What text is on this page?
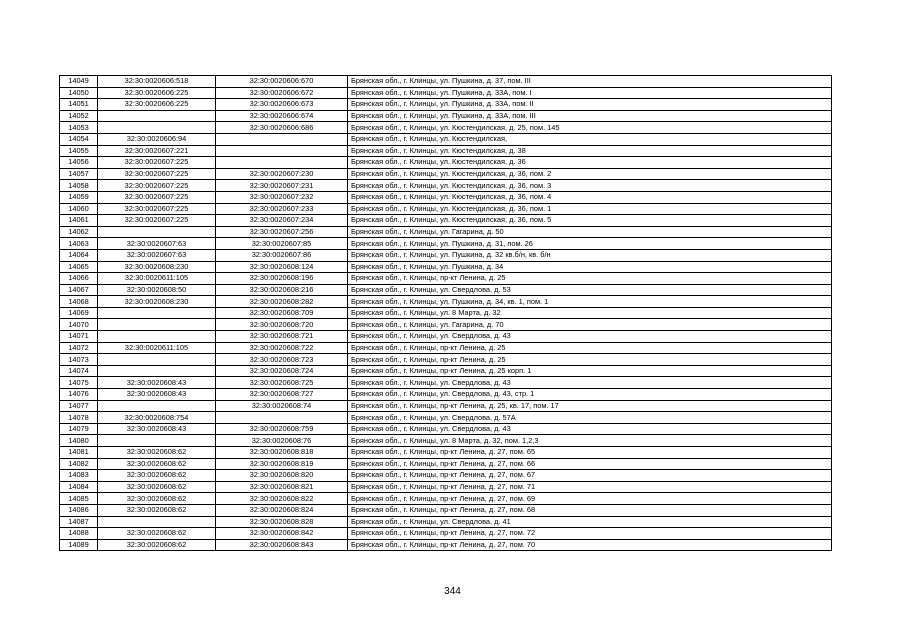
14049	32:30:0020606:518	32:30:0020606:670	Брянская обл., г. Клинцы, ул. Пушкина, д. 37, пом. III
14050	32:30:0020606:225	32:30:0020606:672	Брянская обл., г. Клинцы, ул. Пушкина, д. 33А, пом. I
14051	32:30:0020606:225	32:30:0020606:673	Брянская обл., г. Клинцы, ул. Пушкина, д. 33А, пом. II
14052		32:30:0020606:674	Брянская обл., г. Клинцы, ул. Пушкина, д. 33А, пом. III
14053		32:30:0020606:686	Брянская обл., г. Клинцы, ул. Кюстендилская, д. 25, пом. 145
14054	32:30:0020606:94		Брянская обл., г. Клинцы, ул. Кюстендилская,
14055	32:30:0020607:221		Брянская обл., г. Клинцы, ул. Кюстендилская, д. 38
14056	32:30:0020607:225		Брянская обл., г. Клинцы, ул. Кюстендилская, д. 36
14057	32:30:0020607:225	32:30:0020607:230	Брянская обл., г. Клинцы, ул. Кюстендилская, д. 36, пом. 2
14058	32:30:0020607:225	32:30:0020607:231	Брянская обл., г. Клинцы, ул. Кюстендилская, д. 36, пом. 3
14059	32:30:0020607:225	32:30:0020607:232	Брянская обл., г. Клинцы, ул. Кюстендилская, д. 36, пом. 4
14060	32:30:0020607:225	32:30:0020607:233	Брянская обл., г. Клинцы, ул. Кюстендилская, д. 36, пом. 1
14061	32:30:0020607:225	32:30:0020607:234	Брянская обл., г. Клинцы, ул. Кюстендилская, д. 36, пом. 5
14062		32:30:0020607:256	Брянская обл., г. Клинцы, ул. Гагарина, д. 50
14063	32:30:0020607:63	32:30:0020607:85	Брянская обл., г. Клинцы, ул. Пушкина, д. 31, пом. 26
14064	32:30:0020607:63	32:30:0020607:86	Брянская обл., г. Клинцы, ул. Пушкина, д. 32 кв.б/н, кв. б/н
14065	32:30:0020608:230	32:30:0020608:124	Брянская обл., г. Клинцы, ул. Пушкина, д. 34
14066	32:30:0020611:105	32:30:0020608:196	Брянская обл., г. Клинцы, пр-кт Ленина, д. 25
14067	32:30:0020608:50	32:30:0020608:216	Брянская обл., г. Клинцы, ул. Свердлова, д. 53
14068	32:30:0020608:230	32:30:0020608:282	Брянская обл., г. Клинцы, ул. Пушкина, д. 34, кв. 1, пом. 1
14069		32:30:0020608:709	Брянская обл., г. Клинцы, ул. 8 Марта, д. 32
14070		32:30:0020608:720	Брянская обл., г. Клинцы, ул. Гагарина, д. 70
14071		32:30:0020608:721	Брянская обл., г. Клинцы, ул. Свердлова, д. 43
14072	32:30:0020611:105	32:30:0020608:722	Брянская обл., г. Клинцы, пр-кт Ленина, д. 25
14073		32:30:0020608:723	Брянская обл., г. Клинцы, пр-кт Ленина, д. 25
14074		32:30:0020608:724	Брянская обл., г. Клинцы, пр-кт Ленина, д. 25 корп. 1
14075	32:30:0020608:43	32:30:0020608:725	Брянская обл., г. Клинцы, ул. Свердлова, д. 43
14076	32:30:0020608:43	32:30:0020608:727	Брянская обл., г. Клинцы, ул. Свердлова, д. 43, стр. 1
14077		32:30:0020608:74	Брянская обл., г. Клинцы, пр-кт Ленина, д. 25, кв. 17, пом. 17
14078	32:30:0020608:754		Брянская обл., г. Клинцы, ул. Свердлова, д. 57А
14079	32:30:0020608:43	32:30:0020608:759	Брянская обл., г. Клинцы, ул. Свердлова, д. 43
14080		32:30:0020608:76	Брянская обл., г. Клинцы, ул. 8 Марта, д. 32, пом. 1,2,3
14081	32:30:0020608:62	32:30:0020608:818	Брянская обл., г. Клинцы, пр-кт Ленина, д. 27, пом. 65
14082	32:30:0020608:62	32:30:0020608:819	Брянская обл., г. Клинцы, пр-кт Ленина, д. 27, пом. 66
14083	32:30:0020608:62	32:30:0020608:820	Брянская обл., г. Клинцы, пр-кт Ленина, д. 27, пом. 67
14084	32:30:0020608:62	32:30:0020608:821	Брянская обл., г. Клинцы, пр-кт Ленина, д. 27, пом. 71
14085	32:30:0020608:62	32:30:0020608:822	Брянская обл., г. Клинцы, пр-кт Ленина, д. 27, пом. 69
14086	32:30:0020608:62	32:30:0020608:824	Брянская обл., г. Клинцы, пр-кт Ленина, д. 27, пом. 68
14087		32:30:0020608:828	Брянская обл., г. Клинцы, ул. Свердлова, д. 41
14088	32:30:0020608:62	32:30:0020608:842	Брянская обл., г. Клинцы, пр-кт Ленина, д. 27, пом. 72
14089	32:30:0020608:62	32:30:0020608:843	Брянская обл., г. Клинцы, пр-кт Ленина, д. 27, пом. 70
344
